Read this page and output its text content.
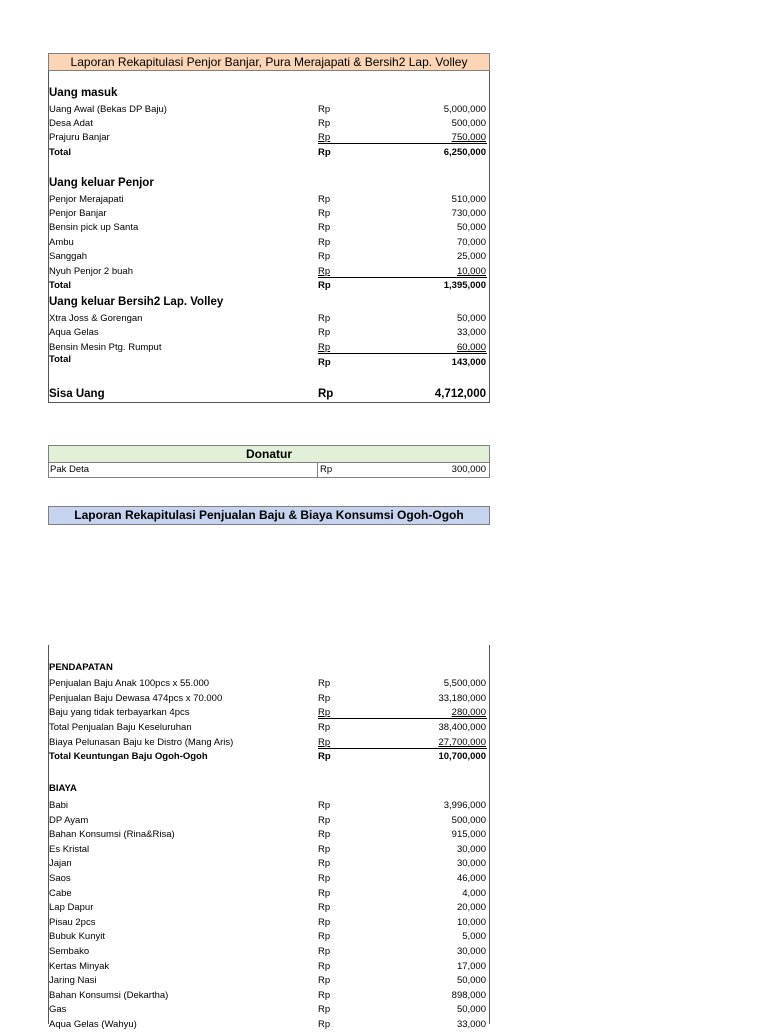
Laporan Rekapitulasi Penjor Banjar, Pura Merajapati & Bersih2 Lap. Volley
Uang masuk
Uang Awal (Bekas DP Baju)	Rp	5,000,000
Desa Adat	Rp	500,000
Prajuru Banjar	Rp	750,000
Total	Rp	6,250,000
Uang keluar Penjor
Penjor Merajapati	Rp	510,000
Penjor Banjar	Rp	730,000
Bensin pick up Santa	Rp	50,000
Ambu	Rp	70,000
Sanggah	Rp	25,000
Nyuh Penjor 2 buah	Rp	10,000
Total	Rp	1,395,000
Uang keluar Bersih2 Lap. Volley
Xtra Joss & Gorengan	Rp	50,000
Aqua Gelas	Rp	33,000
Bensin Mesin Ptg. Rumput	Rp	60,000
Total	Rp	143,000
Sisa Uang	Rp	4,712,000
Donatur
Pak Deta	Rp	300,000
Laporan Rekapitulasi Penjualan Baju & Biaya Konsumsi Ogoh-Ogoh
PENDAPATAN
Penjualan Baju Anak 100pcs x 55.000	Rp	5,500,000
Penjualan Baju Dewasa 474pcs x 70.000	Rp	33,180,000
Baju yang tidak terbayarkan 4pcs	Rp	280,000
Total Penjualan Baju Keseluruhan	Rp	38,400,000
Biaya Pelunasan Baju ke Distro (Mang Aris)	Rp	27,700,000
Total Keuntungan Baju Ogoh-Ogoh	Rp	10,700,000
BIAYA
Babi	Rp	3,996,000
DP Ayam	Rp	500,000
Bahan Konsumsi (Rina&Risa)	Rp	915,000
Es Kristal	Rp	30,000
Jajan	Rp	30,000
Saos	Rp	46,000
Cabe	Rp	4,000
Lap Dapur	Rp	20,000
Pisau 2pcs	Rp	10,000
Bubuk Kunyit	Rp	5,000
Sembako	Rp	30,000
Kertas Minyak	Rp	17,000
Jaring Nasi	Rp	50,000
Bahan Konsumsi (Dekartha)	Rp	898,000
Gas	Rp	50,000
Aqua Gelas (Wahyu)	Rp	33,000
